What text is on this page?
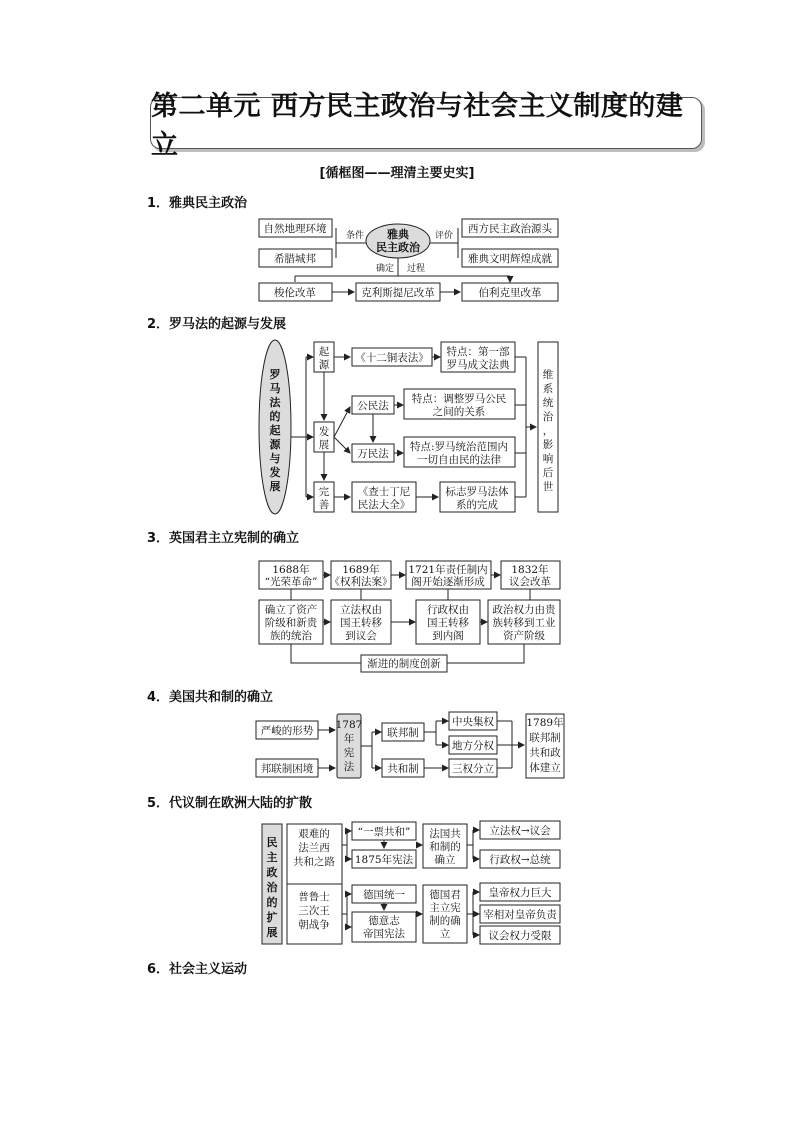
第二单元 西方民主政治与社会主义制度的建立
[循框图——理清主要史实]
1．雅典民主政治
2．罗马法的起源与发展
3．英国君主立宪制的确立
4．美国共和制的确立
5．代议制在欧洲大陆的扩散
6．社会主义运动
自然地理环境
希腊城邦
条件 雅典
民主政治
评价
西方民主政治源头
雅典文明辉煌成就
确定 过程
梭伦改革	克利斯提尼改革	伯利克里改革
罗
马
法
的
起
源
与
发
展
起
源
发
展
完
善
《十二铜表法》 特点：第一部
罗马成文法典
公民法
万民法
特点：调整罗马公民
之间的关系
特点:罗马统治范围内
一切自由民的法律
《查士丁尼
民法大全》
标志罗马法体
系的完成
维
系
统
治
，
影
响
后
世
1688年
“光荣革命”
1689年
《权利法案》
1721年责任制内
阁开始逐渐形成
1832年
议会改革
确立了资产
阶级和新贵
族的统治
立法权由
国王转移
到议会
行政权由
国王转移
到内阁
政治权力由贵
族转移到工业
资产阶级
渐进的制度创新
严峻的形势
邦联制困境
1787
年
宪
法
联邦制
共和制
中央集权
地方分权
三权分立
1789年
联邦制
共和政
体建立
民
主
政
治
的
扩
展
艰难的
法兰西
共和之路
普鲁士
三次王
朝战争
“一票共和”
1875年宪法
法国共
和制的
确立
立法权→议会
行政权→总统
德国统一
德意志
帝国宪法
德国君
主立宪
制的确
立
皇帝权力巨大
宰相对皇帝负责
议会权力受限
